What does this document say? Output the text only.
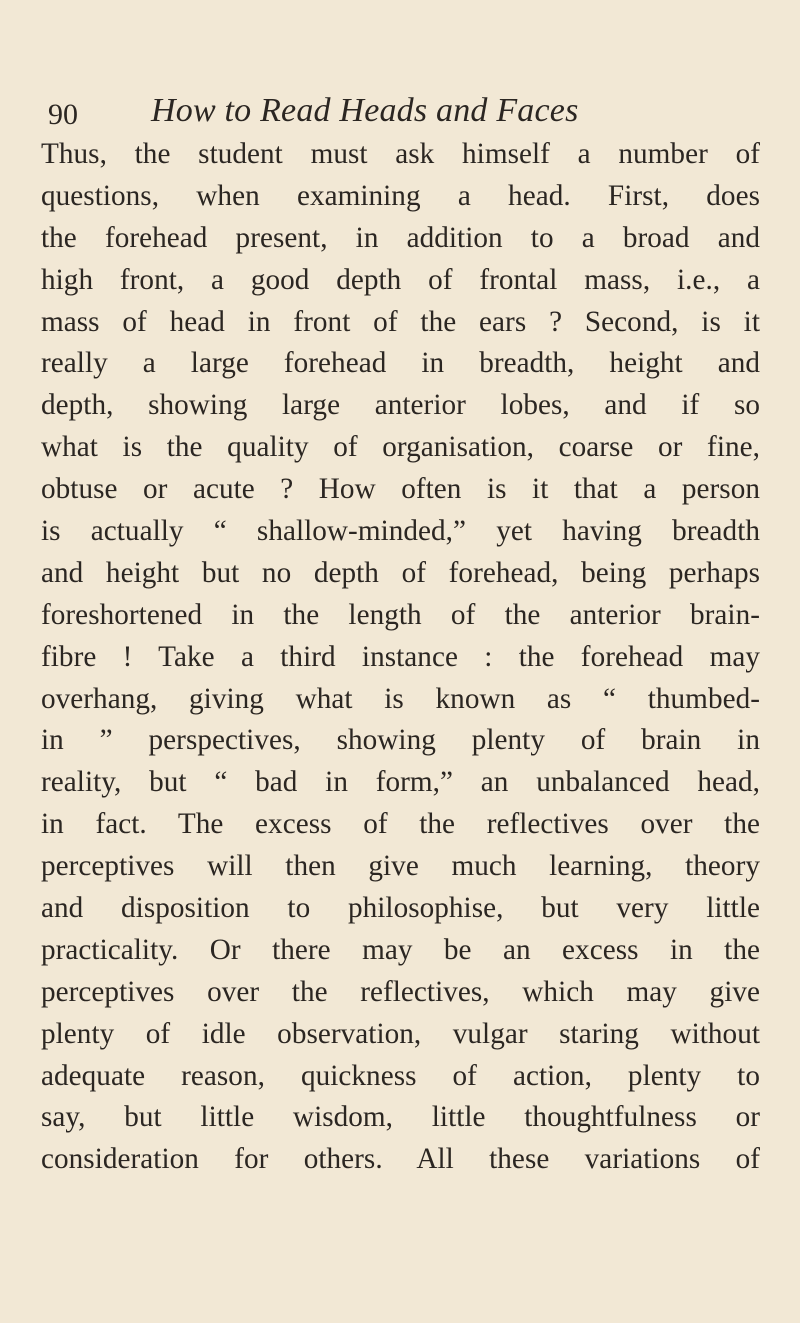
90 How to Read Heads and Faces
Thus, the student must ask himself a number of
questions, when examining a head. First, does
the forehead present, in addition to a broad and
high front, a good depth of frontal mass, i.e., a
mass of head in front of the ears ? Second, is it
really a large forehead in breadth, height and
depth, showing large anterior lobes, and if so
what is the quality of organisation, coarse or fine,
obtuse or acute ? How often is it that a person
is actually “ shallow-minded,” yet having breadth
and height but no depth of forehead, being perhaps
foreshortened in the length of the anterior brain-
fibre ! Take a third instance : the forehead may
overhang, giving what is known as “ thumbed-
in ” perspectives, showing plenty of brain in
reality, but “ bad in form,” an unbalanced head,
in fact. The excess of the reflectives over the
perceptives will then give much learning, theory
and disposition to philosophise, but very little
practicality. Or there may be an excess in the
perceptives over the reflectives, which may give
plenty of idle observation, vulgar staring without
adequate reason, quickness of action, plenty to
say, but little wisdom, little thoughtfulness or
consideration for others. All these variations of
